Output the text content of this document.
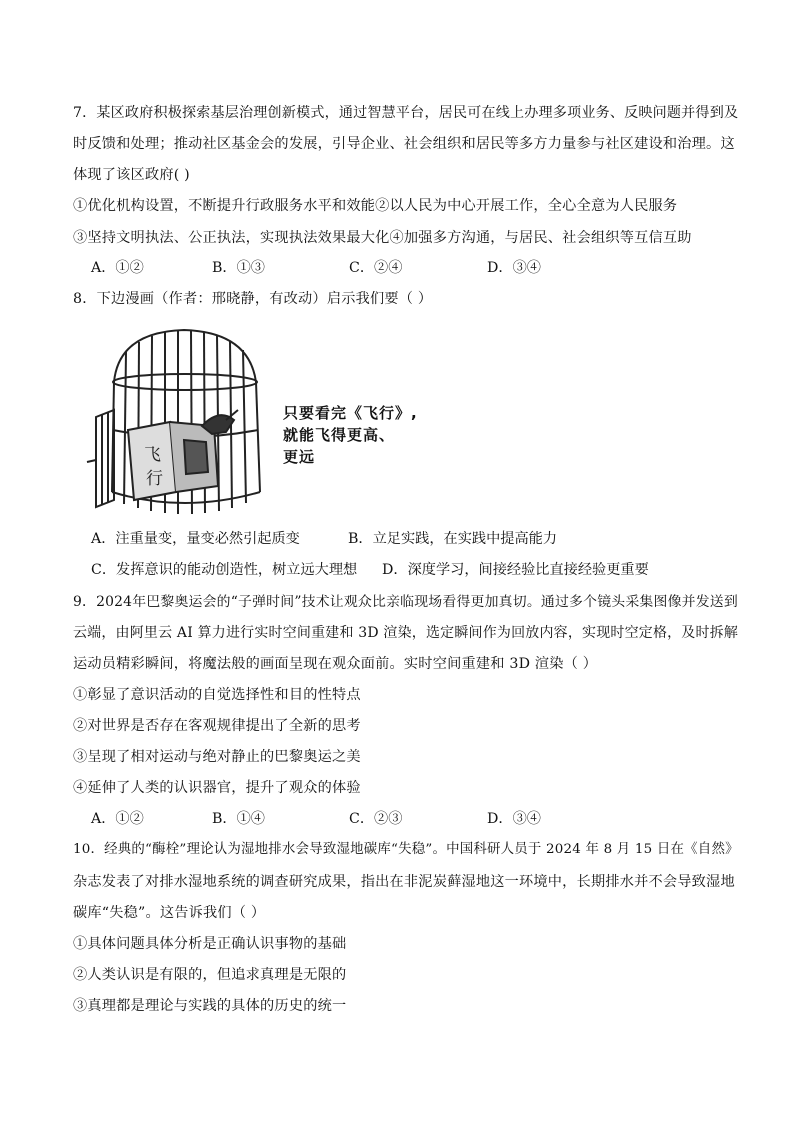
7．某区政府积极探索基层治理创新模式，通过智慧平台，居民可在线上办理多项业务、反映问题并得到及
时反馈和处理；推动社区基金会的发展，引导企业、社会组织和居民等多方力量参与社区建设和治理。这
体现了该区政府( )
①优化机构设置，不断提升行政服务水平和效能②以人民为中心开展工作，全心全意为人民服务
③坚持文明执法、公正执法，实现执法效果最大化④加强多方沟通，与居民、社会组织等互信互助
A．①②	B．①③	C．②④	D．③④
8．下边漫画（作者：邢晓静，有改动）启示我们要（ ）
飞
行
只要看完《飞行》,
就能飞得更高、
更远
A．注重量变，量变必然引起质变	B．立足实践，在实践中提高能力
C．发挥意识的能动创造性，树立远大理想 D．深度学习，间接经验比直接经验更重要
9．2024年巴黎奥运会的“子弹时间”技术让观众比亲临现场看得更加真切。通过多个镜头采集图像并发送到
云端，由阿里云 AI 算力进行实时空间重建和 3D 渲染，选定瞬间作为回放内容，实现时空定格，及时拆解
运动员精彩瞬间，将魔法般的画面呈现在观众面前。实时空间重建和 3D 渲染（ ）
①彰显了意识活动的自觉选择性和目的性特点
②对世界是否存在客观规律提出了全新的思考
③呈现了相对运动与绝对静止的巴黎奥运之美
④延伸了人类的认识器官，提升了观众的体验
A．①②	B．①④	C．②③	D．③④
10．经典的“酶栓”理论认为湿地排水会导致湿地碳库“失稳”。中国科研人员于 2024 年 8 月 15 日在《自然》
杂志发表了对排水湿地系统的调查研究成果，指出在非泥炭藓湿地这一环境中，长期排水并不会导致湿地
碳库“失稳”。这告诉我们（ ）
①具体问题具体分析是正确认识事物的基础
②人类认识是有限的，但追求真理是无限的
③真理都是理论与实践的具体的历史的统一
